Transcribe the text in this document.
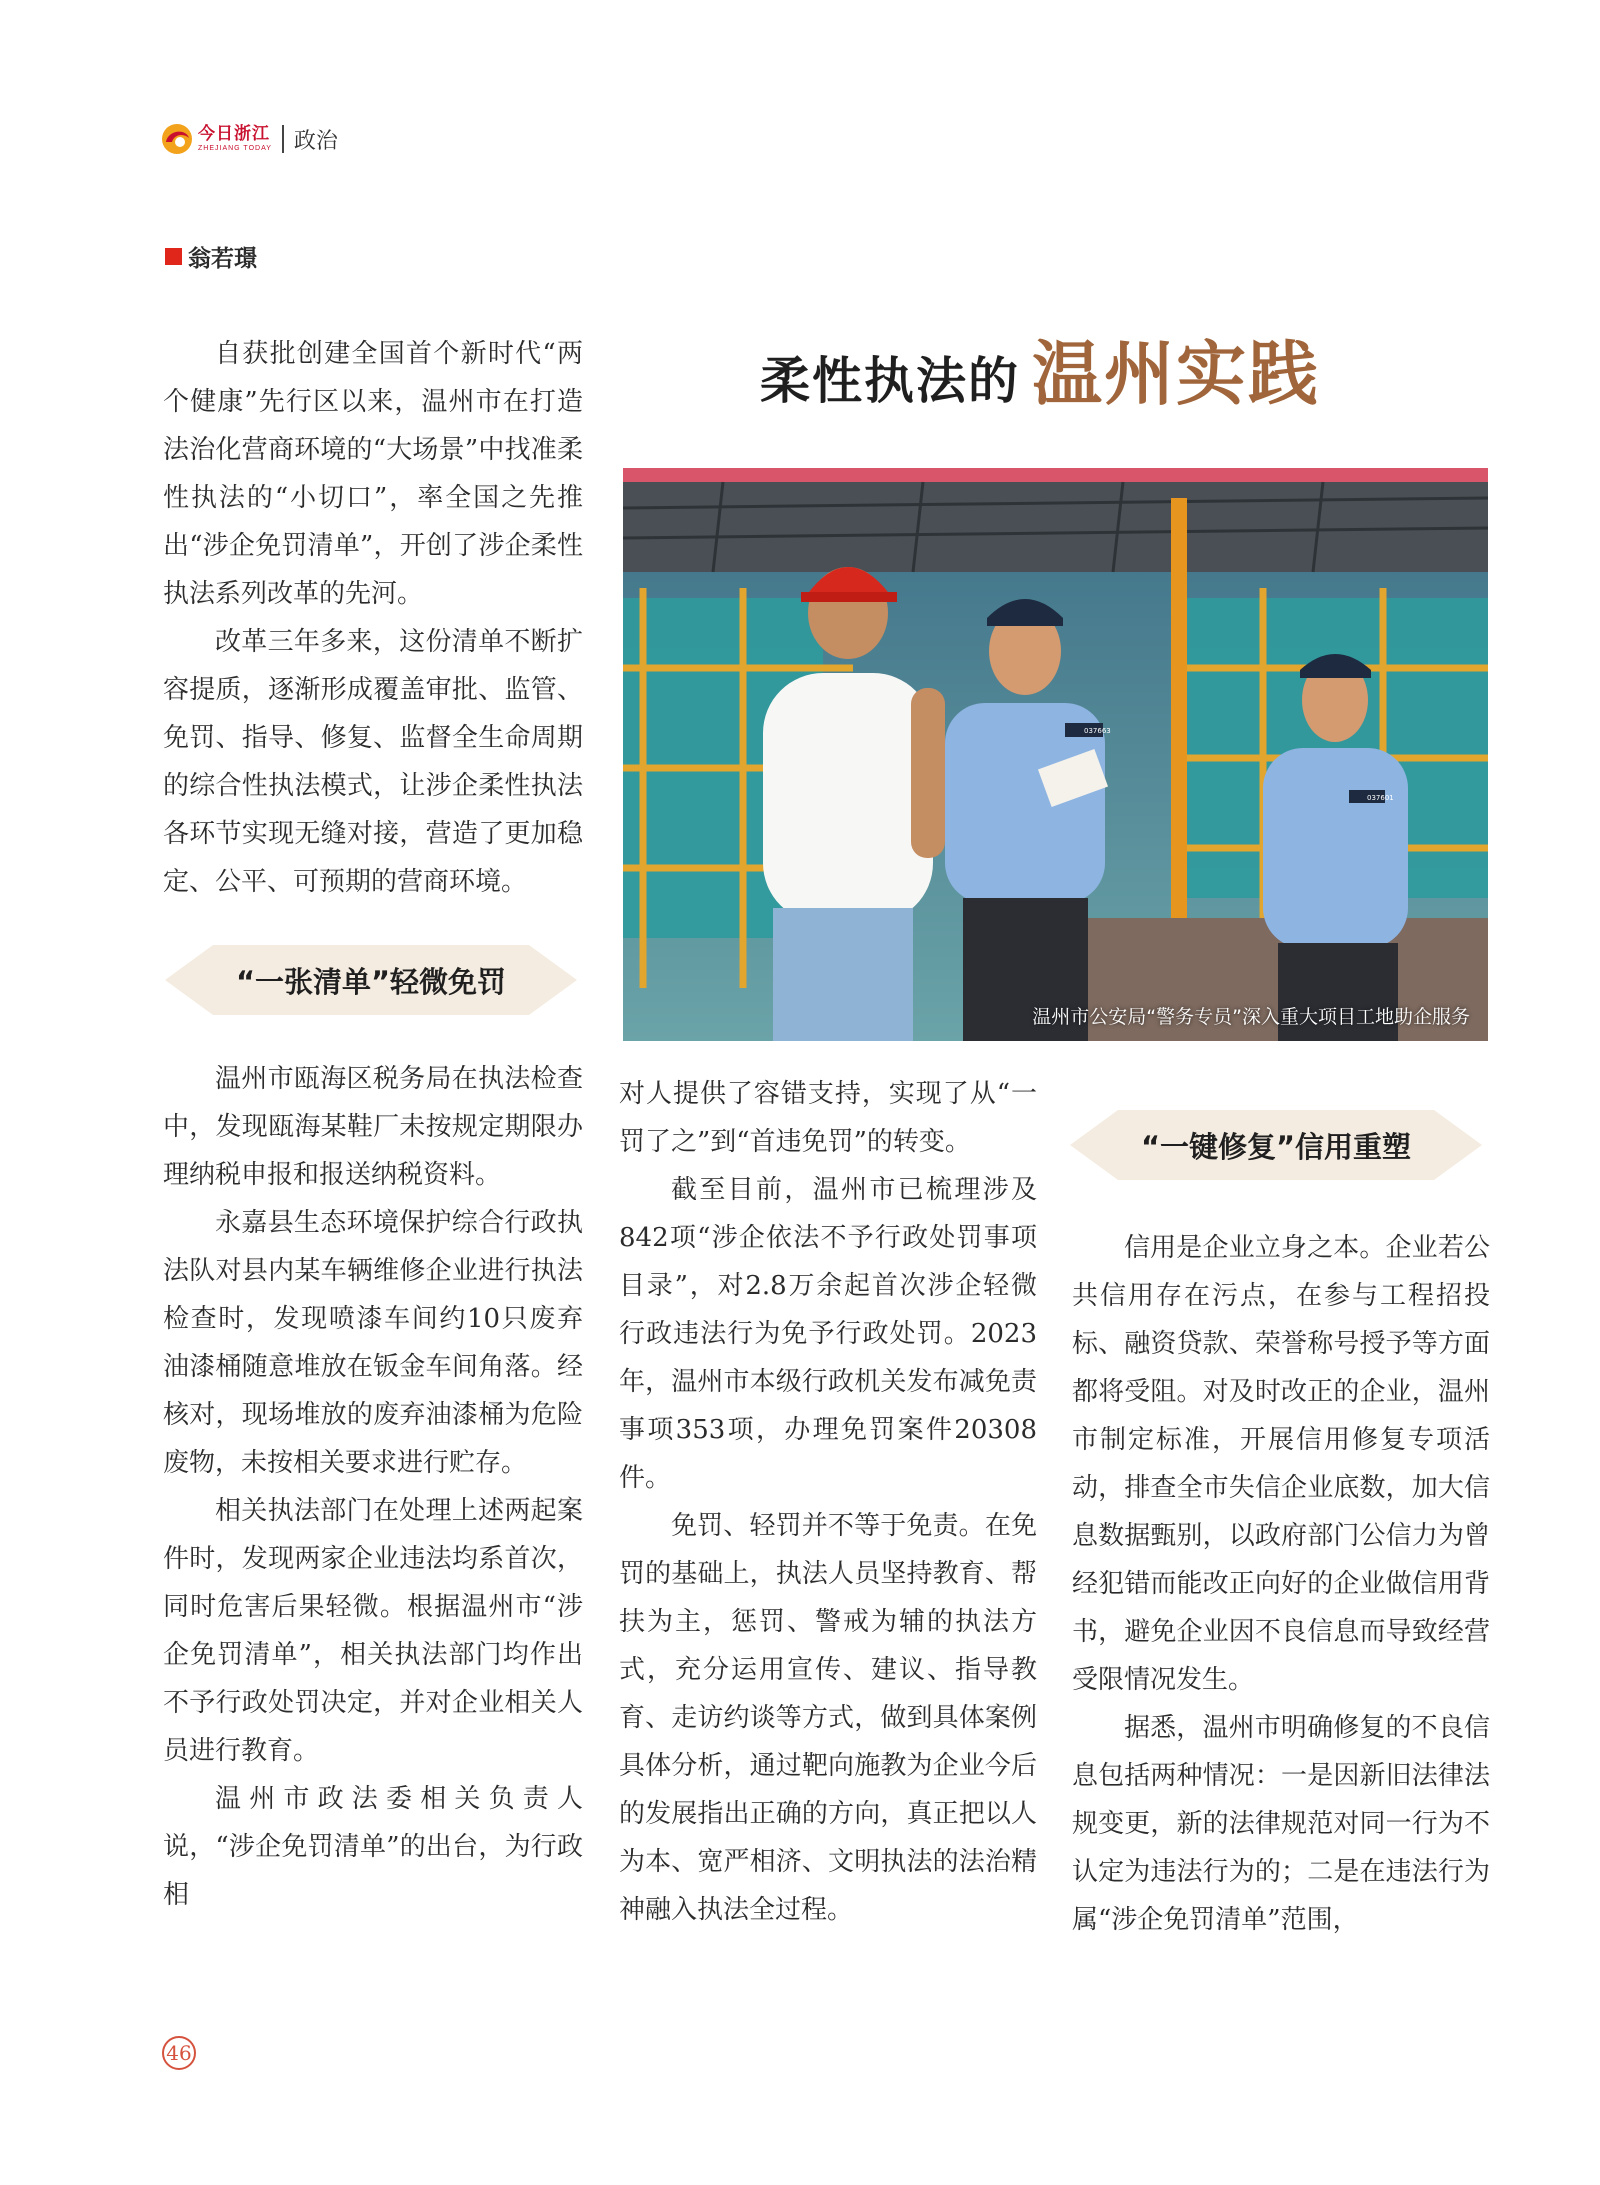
今日浙江
ZHEJIANG TODAY 政治
翁若璟
柔性执法的 温州实践

自获批创建全国首个新时代“两个健康”先行区以来，温州市在打造法治化营商环境的“大场景”中找准柔性执法的“小切口”，率全国之先推出“涉企免罚清单”，开创了涉企柔性执法系列改革的先河。

改革三年多来，这份清单不断扩容提质，逐渐形成覆盖审批、监管、免罚、指导、修复、监督全生命周期的综合性执法模式，让涉企柔性执法各环节实现无缝对接，营造了更加稳定、公平、可预期的营商环境。

“一张清单”轻微免罚

温州市瓯海区税务局在执法检查中，发现瓯海某鞋厂未按规定期限办理纳税申报和报送纳税资料。

永嘉县生态环境保护综合行政执法队对县内某车辆维修企业进行执法检查时，发现喷漆车间约10只废弃油漆桶随意堆放在钣金车间角落。经核对，现场堆放的废弃油漆桶为危险废物，未按相关要求进行贮存。

相关执法部门在处理上述两起案件时，发现两家企业违法均系首次，同时危害后果轻微。根据温州市“涉企免罚清单”，相关执法部门均作出不予行政处罚决定，并对企业相关人员进行教育。

温州市政法委相关负责人说，“涉企免罚清单”的出台，为行政相

037663
037601
温州市公安局“警务专员”深入重大项目工地助企服务

对人提供了容错支持，实现了从“一罚了之”到“首违免罚”的转变。

截至目前，温州市已梳理涉及842项“涉企依法不予行政处罚事项目录”，对2.8万余起首次涉企轻微行政违法行为免予行政处罚。2023年，温州市本级行政机关发布减免责事项353项，办理免罚案件20308件。

免罚、轻罚并不等于免责。在免罚的基础上，执法人员坚持教育、帮扶为主，惩罚、警戒为辅的执法方式，充分运用宣传、建议、指导教育、走访约谈等方式，做到具体案例具体分析，通过靶向施教为企业今后的发展指出正确的方向，真正把以人为本、宽严相济、文明执法的法治精神融入执法全过程。

“一键修复”信用重塑

信用是企业立身之本。企业若公共信用存在污点，在参与工程招投标、融资贷款、荣誉称号授予等方面都将受阻。对及时改正的企业，温州市制定标准，开展信用修复专项活动，排查全市失信企业底数，加大信息数据甄别，以政府部门公信力为曾经犯错而能改正向好的企业做信用背书，避免企业因不良信息而导致经营受限情况发生。

据悉，温州市明确修复的不良信息包括两种情况：一是因新旧法律法规变更，新的法律规范对同一行为不认定为违法行为的；二是在违法行为属“涉企免罚清单”范围，

46
